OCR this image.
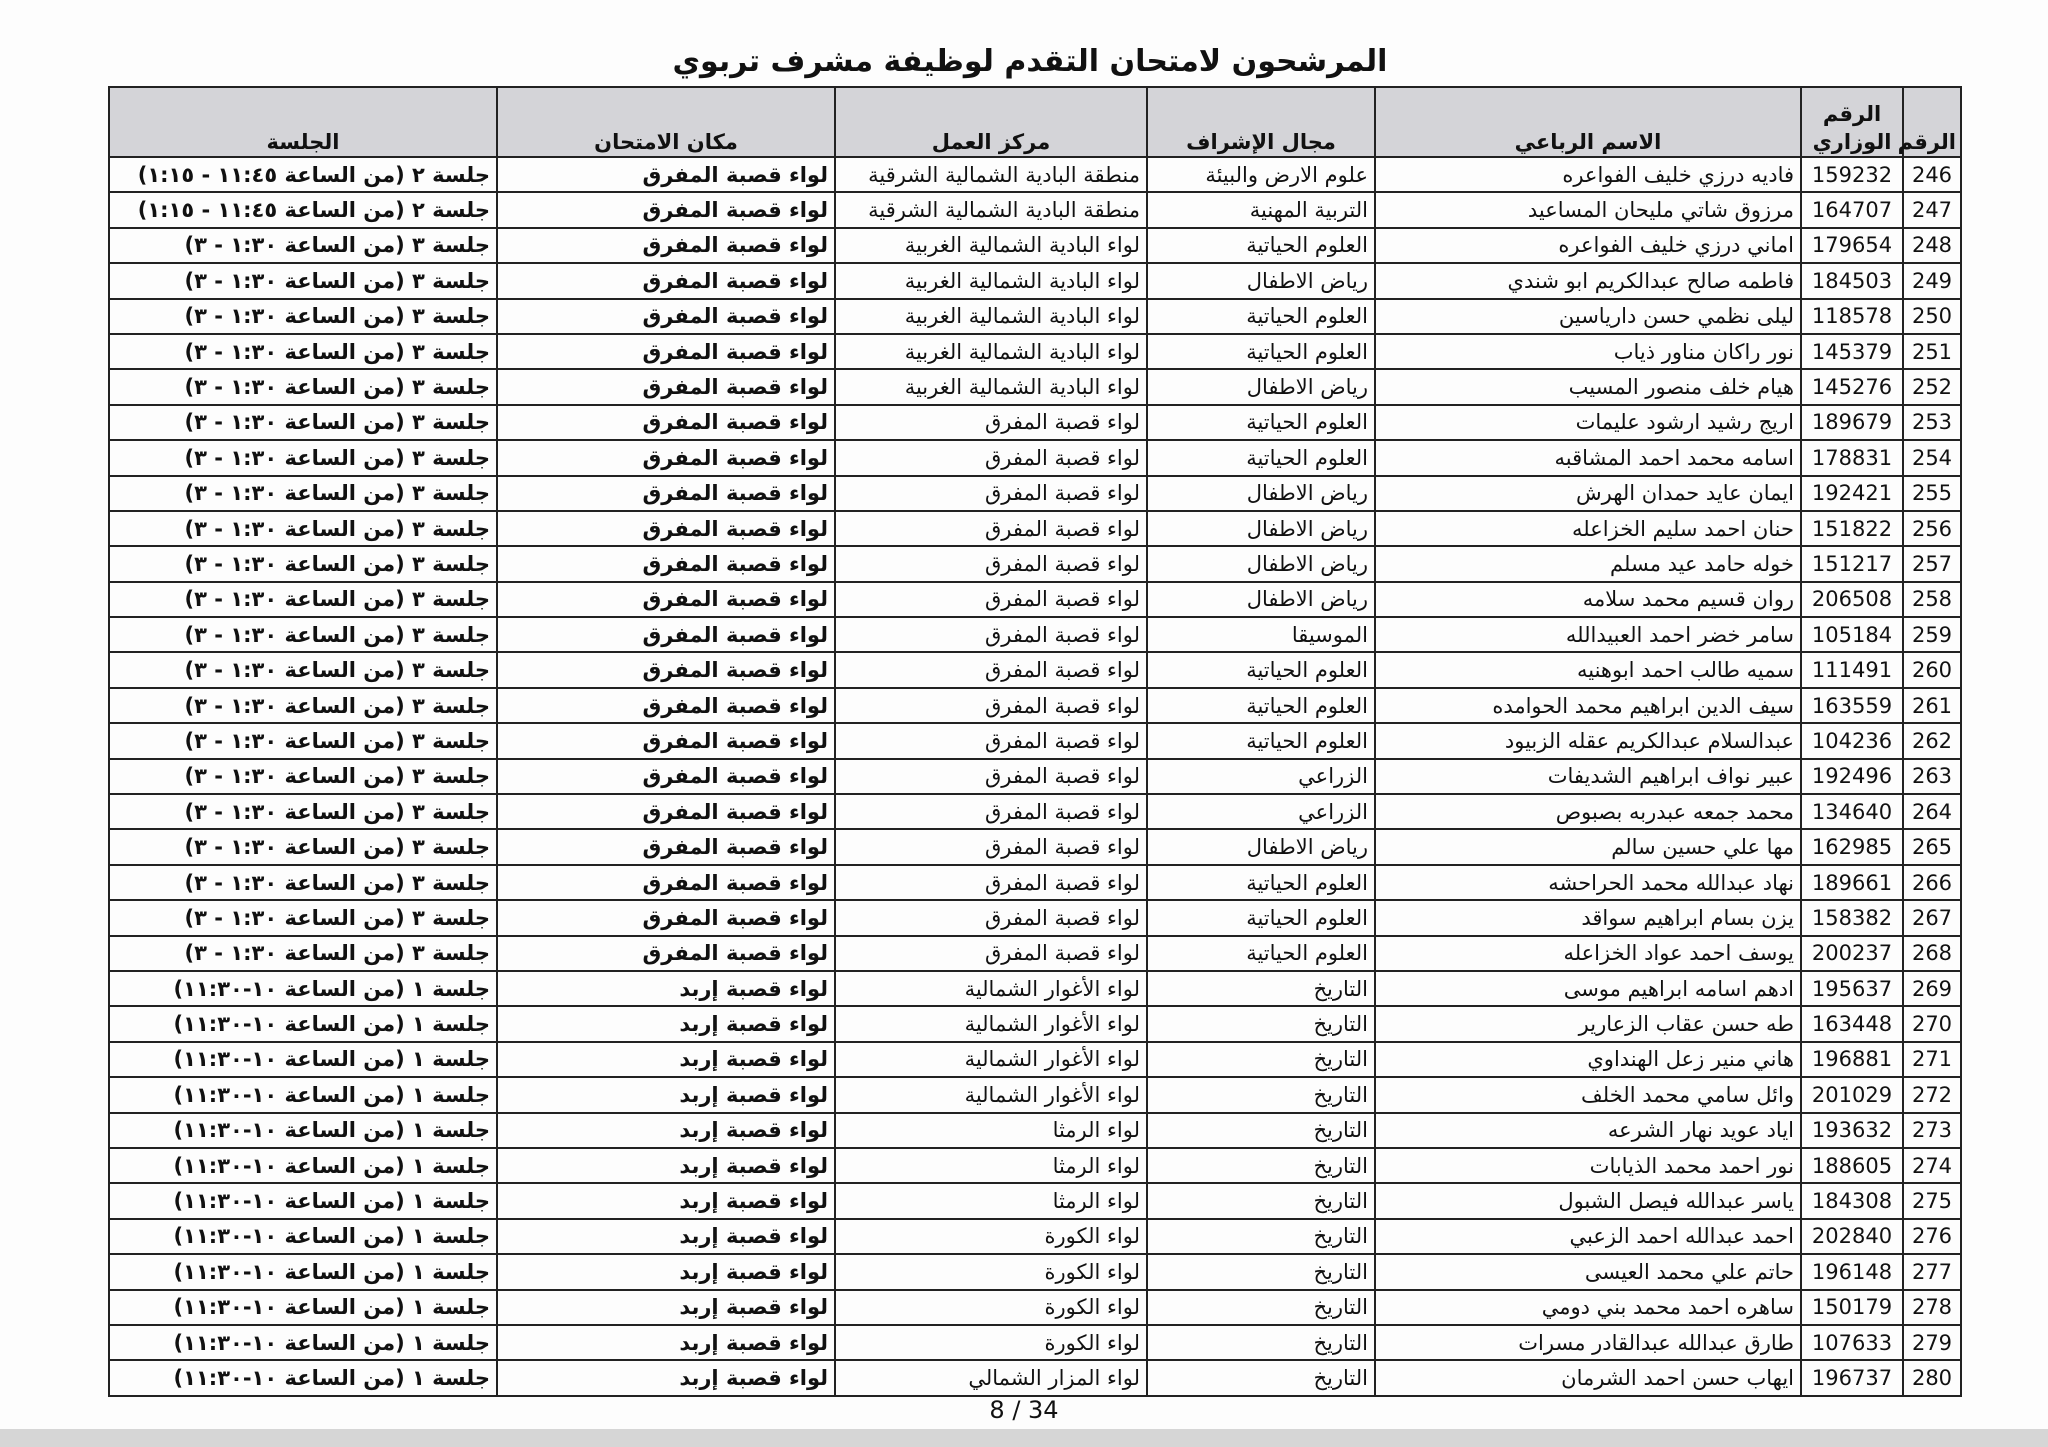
المرشحون لامتحان التقدم لوظيفة مشرف تربوي
الرقم	الرقم الوزاري	الاسم الرباعي	مجال الإشراف	مركز العمل	مكان الامتحان	الجلسة
246	159232	فاديه درزي خليف الفواعره	علوم الارض والبيئة	منطقة البادية الشمالية الشرقية	لواء قصبة المفرق	جلسة ٢ (من الساعة ١١:٤٥ - ١:١٥)
247	164707	مرزوق شاتي مليحان المساعيد	التربية المهنية	منطقة البادية الشمالية الشرقية	لواء قصبة المفرق	جلسة ٢ (من الساعة ١١:٤٥ - ١:١٥)
248	179654	اماني درزي خليف الفواعره	العلوم الحياتية	لواء البادية الشمالية الغربية	لواء قصبة المفرق	جلسة ٣ (من الساعة ١:٣٠ - ٣)
249	184503	فاطمه صالح عبدالكريم ابو شندي	رياض الاطفال	لواء البادية الشمالية الغربية	لواء قصبة المفرق	جلسة ٣ (من الساعة ١:٣٠ - ٣)
250	118578	ليلى نظمي حسن دارياسين	العلوم الحياتية	لواء البادية الشمالية الغربية	لواء قصبة المفرق	جلسة ٣ (من الساعة ١:٣٠ - ٣)
251	145379	نور راكان مناور ذياب	العلوم الحياتية	لواء البادية الشمالية الغربية	لواء قصبة المفرق	جلسة ٣ (من الساعة ١:٣٠ - ٣)
252	145276	هيام خلف منصور المسيب	رياض الاطفال	لواء البادية الشمالية الغربية	لواء قصبة المفرق	جلسة ٣ (من الساعة ١:٣٠ - ٣)
253	189679	اريج رشيد ارشود عليمات	العلوم الحياتية	لواء قصبة المفرق	لواء قصبة المفرق	جلسة ٣ (من الساعة ١:٣٠ - ٣)
254	178831	اسامه محمد احمد المشاقبه	العلوم الحياتية	لواء قصبة المفرق	لواء قصبة المفرق	جلسة ٣ (من الساعة ١:٣٠ - ٣)
255	192421	ايمان عايد حمدان الهرش	رياض الاطفال	لواء قصبة المفرق	لواء قصبة المفرق	جلسة ٣ (من الساعة ١:٣٠ - ٣)
256	151822	حنان احمد سليم الخزاعله	رياض الاطفال	لواء قصبة المفرق	لواء قصبة المفرق	جلسة ٣ (من الساعة ١:٣٠ - ٣)
257	151217	خوله حامد عيد مسلم	رياض الاطفال	لواء قصبة المفرق	لواء قصبة المفرق	جلسة ٣ (من الساعة ١:٣٠ - ٣)
258	206508	روان قسيم محمد سلامه	رياض الاطفال	لواء قصبة المفرق	لواء قصبة المفرق	جلسة ٣ (من الساعة ١:٣٠ - ٣)
259	105184	سامر خضر احمد العبيدالله	الموسيقا	لواء قصبة المفرق	لواء قصبة المفرق	جلسة ٣ (من الساعة ١:٣٠ - ٣)
260	111491	سميه طالب احمد ابوهنيه	العلوم الحياتية	لواء قصبة المفرق	لواء قصبة المفرق	جلسة ٣ (من الساعة ١:٣٠ - ٣)
261	163559	سيف الدين ابراهيم محمد الحوامده	العلوم الحياتية	لواء قصبة المفرق	لواء قصبة المفرق	جلسة ٣ (من الساعة ١:٣٠ - ٣)
262	104236	عبدالسلام عبدالكريم عقله الزبيود	العلوم الحياتية	لواء قصبة المفرق	لواء قصبة المفرق	جلسة ٣ (من الساعة ١:٣٠ - ٣)
263	192496	عبير نواف ابراهيم الشديفات	الزراعي	لواء قصبة المفرق	لواء قصبة المفرق	جلسة ٣ (من الساعة ١:٣٠ - ٣)
264	134640	محمد جمعه عبدربه بصبوص	الزراعي	لواء قصبة المفرق	لواء قصبة المفرق	جلسة ٣ (من الساعة ١:٣٠ - ٣)
265	162985	مها علي حسين سالم	رياض الاطفال	لواء قصبة المفرق	لواء قصبة المفرق	جلسة ٣ (من الساعة ١:٣٠ - ٣)
266	189661	نهاد عبدالله محمد الحراحشه	العلوم الحياتية	لواء قصبة المفرق	لواء قصبة المفرق	جلسة ٣ (من الساعة ١:٣٠ - ٣)
267	158382	يزن بسام ابراهيم سواقد	العلوم الحياتية	لواء قصبة المفرق	لواء قصبة المفرق	جلسة ٣ (من الساعة ١:٣٠ - ٣)
268	200237	يوسف احمد عواد الخزاعله	العلوم الحياتية	لواء قصبة المفرق	لواء قصبة المفرق	جلسة ٣ (من الساعة ١:٣٠ - ٣)
269	195637	ادهم اسامه ابراهيم موسى	التاريخ	لواء الأغوار الشمالية	لواء قصبة إربد	جلسة ١ (من الساعة ١٠-١١:٣٠)
270	163448	طه حسن عقاب الزعارير	التاريخ	لواء الأغوار الشمالية	لواء قصبة إربد	جلسة ١ (من الساعة ١٠-١١:٣٠)
271	196881	هاني منير زعل الهنداوي	التاريخ	لواء الأغوار الشمالية	لواء قصبة إربد	جلسة ١ (من الساعة ١٠-١١:٣٠)
272	201029	وائل سامي محمد الخلف	التاريخ	لواء الأغوار الشمالية	لواء قصبة إربد	جلسة ١ (من الساعة ١٠-١١:٣٠)
273	193632	اياد عويد نهار الشرعه	التاريخ	لواء الرمثا	لواء قصبة إربد	جلسة ١ (من الساعة ١٠-١١:٣٠)
274	188605	نور احمد محمد الذيابات	التاريخ	لواء الرمثا	لواء قصبة إربد	جلسة ١ (من الساعة ١٠-١١:٣٠)
275	184308	ياسر عبدالله فيصل الشبول	التاريخ	لواء الرمثا	لواء قصبة إربد	جلسة ١ (من الساعة ١٠-١١:٣٠)
276	202840	احمد عبدالله احمد الزعبي	التاريخ	لواء الكورة	لواء قصبة إربد	جلسة ١ (من الساعة ١٠-١١:٣٠)
277	196148	حاتم علي محمد العيسى	التاريخ	لواء الكورة	لواء قصبة إربد	جلسة ١ (من الساعة ١٠-١١:٣٠)
278	150179	ساهره احمد محمد بني دومي	التاريخ	لواء الكورة	لواء قصبة إربد	جلسة ١ (من الساعة ١٠-١١:٣٠)
279	107633	طارق عبدالله عبدالقادر مسرات	التاريخ	لواء الكورة	لواء قصبة إربد	جلسة ١ (من الساعة ١٠-١١:٣٠)
280	196737	ايهاب حسن احمد الشرمان	التاريخ	لواء المزار الشمالي	لواء قصبة إربد	جلسة ١ (من الساعة ١٠-١١:٣٠)
8 / 34
